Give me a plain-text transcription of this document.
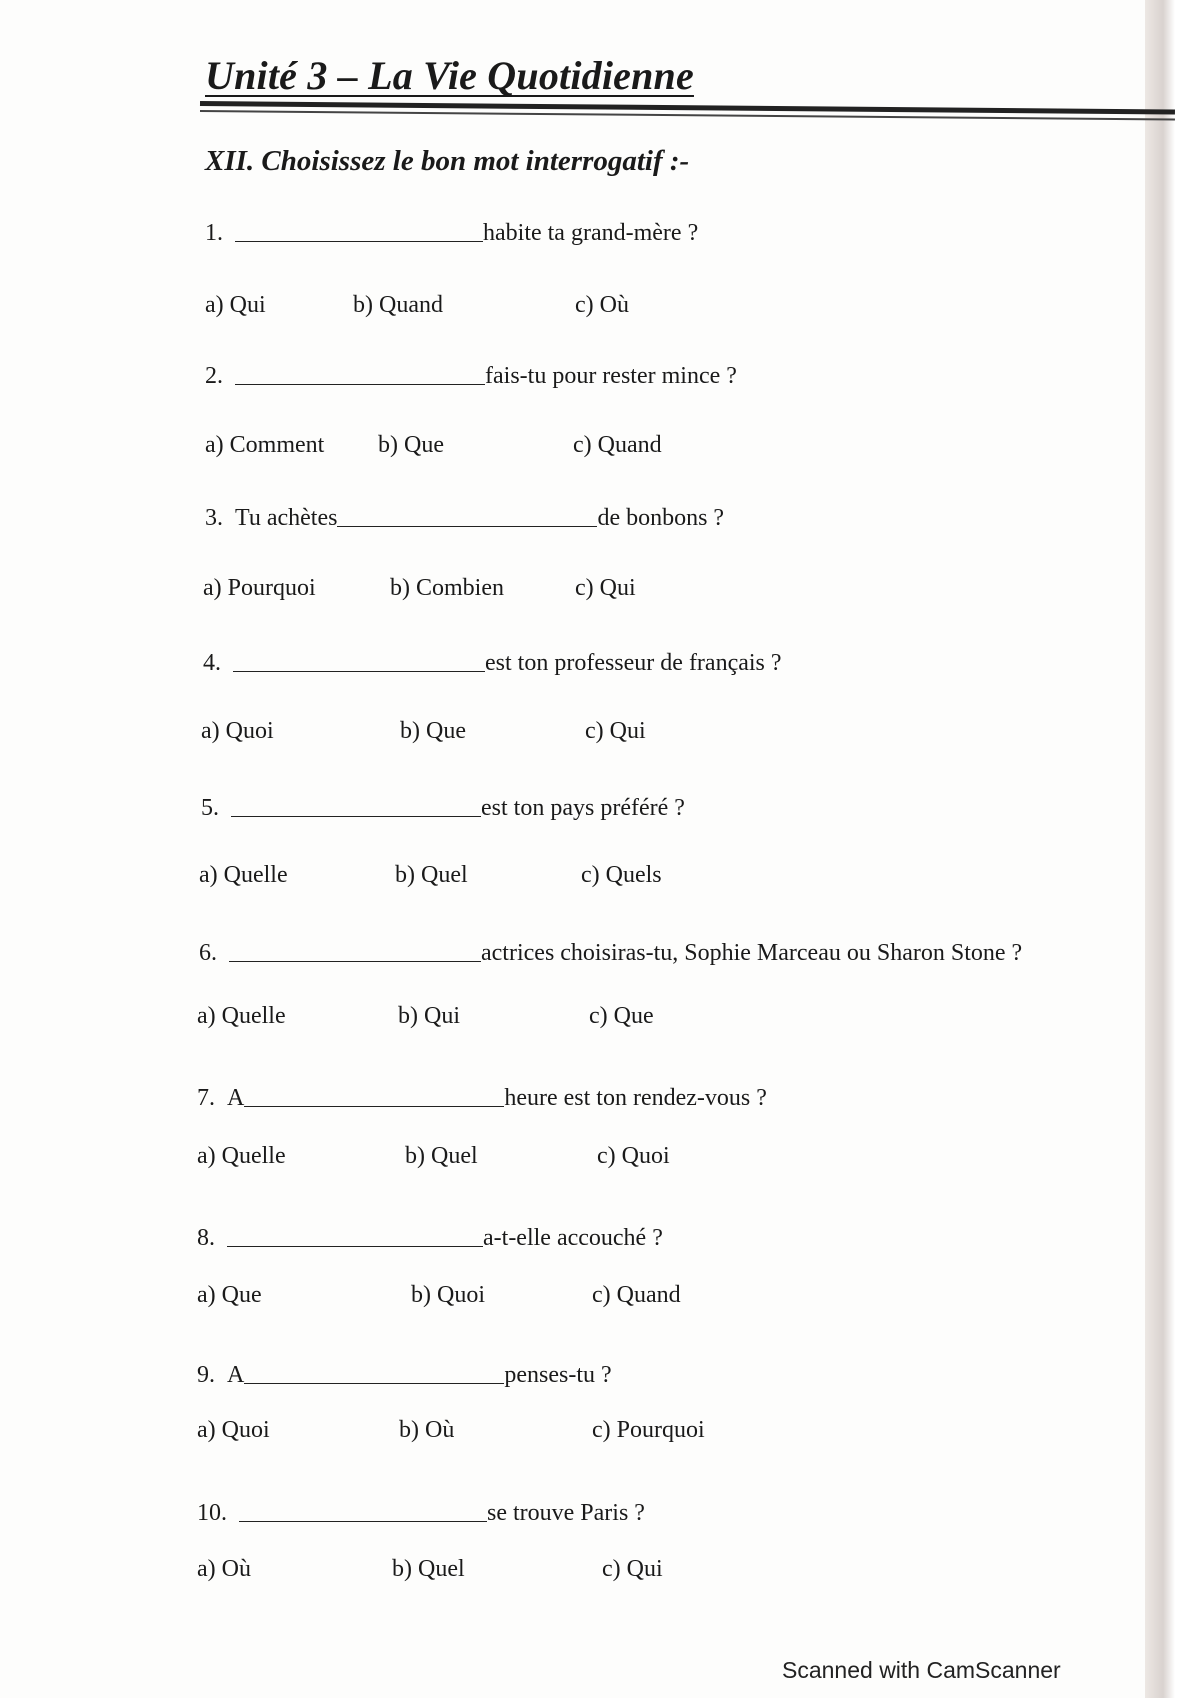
Unité 3 – La Vie Quotidienne
XII. Choisissez le bon mot interrogatif :-
1.	habite ta grand-mère ?
a) Qui	b) Quand	c) Où
2.	fais-tu pour rester mince ?
a) Comment b) Que	c) Quand
3. Tu achètes	de bonbons ?
a) Pourquoi	b) Combien	c) Qui
4.	est ton professeur de français ?
a) Quoi	b) Que	c) Qui
5.	est ton pays préféré ?
a) Quelle	b) Quel	c) Quels
6.	actrices choisiras-tu, Sophie Marceau ou Sharon Stone ?
a) Quelle	b) Qui	c) Que
7. A	heure est ton rendez-vous ?
a) Quelle	b) Quel	c) Quoi
8.	a-t-elle accouché ?
a) Que	b) Quoi	c) Quand
9. A	penses-tu ?
a) Quoi	b) Où	c) Pourquoi
10.	se trouve Paris ?
a) Où	b) Quel	c) Qui
Scanned with CamScanner
